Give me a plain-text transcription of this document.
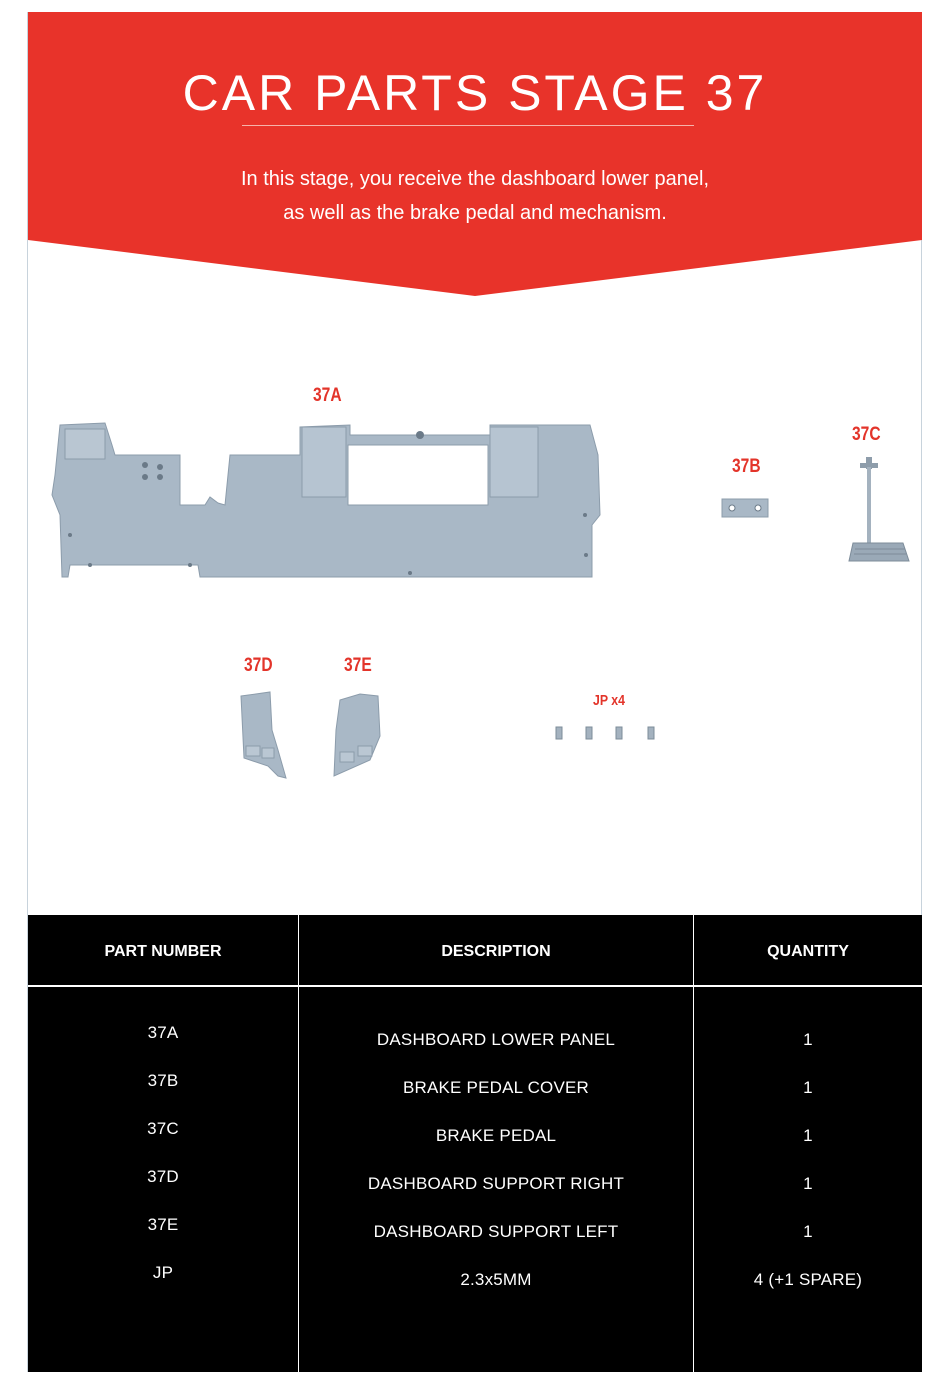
CAR PARTS STAGE 37
In this stage, you receive the dashboard lower panel,
as well as the brake pedal and mechanism.
37A
37C
37B
37D	37E
JP x4
PART NUMBER	DESCRIPTION	QUANTITY
37A	DASHBOARD LOWER PANEL	1
37B	BRAKE PEDAL COVER	1
37C	BRAKE PEDAL	1
37D	DASHBOARD SUPPORT RIGHT	1
37E	DASHBOARD SUPPORT LEFT	1
JP	2.3x5MM	4 (+1 SPARE)
